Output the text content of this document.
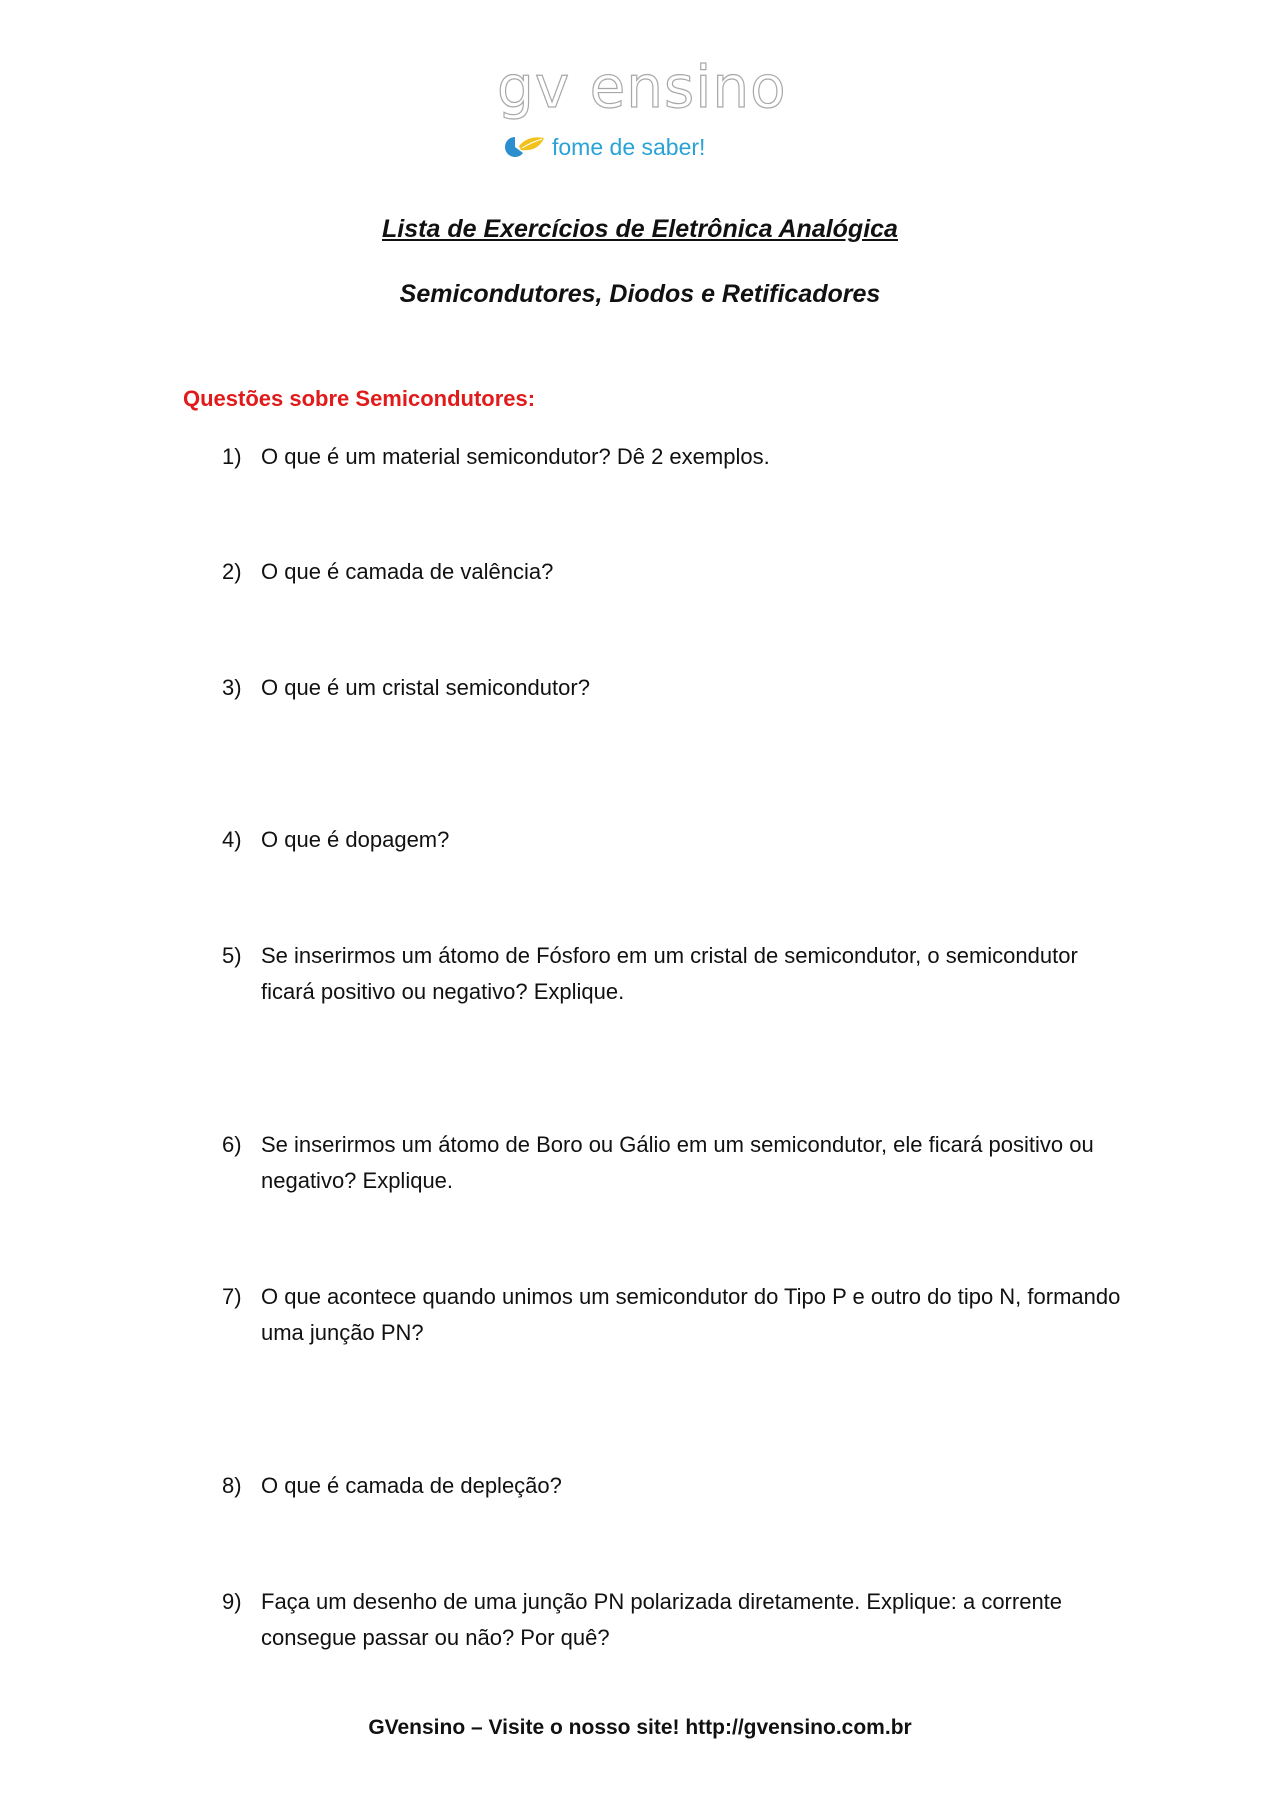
gv ensino
fome de saber!
Lista de Exercícios de Eletrônica Analógica
Semicondutores, Diodos e Retificadores
Questões sobre Semicondutores:
1) O que é um material semicondutor? Dê 2 exemplos.
2) O que é camada de valência?
3) O que é um cristal semicondutor?
4) O que é dopagem?
5) Se inserirmos um átomo de Fósforo em um cristal de semicondutor, o semicondutor ficará positivo ou negativo? Explique.
6) Se inserirmos um átomo de Boro ou Gálio em um semicondutor, ele ficará positivo ou negativo? Explique.
7) O que acontece quando unimos um semicondutor do Tipo P e outro do tipo N, formando uma junção PN?
8) O que é camada de depleção?
9) Faça um desenho de uma junção PN polarizada diretamente. Explique: a corrente consegue passar ou não? Por quê?
GVensino – Visite o nosso site! http://gvensino.com.br
